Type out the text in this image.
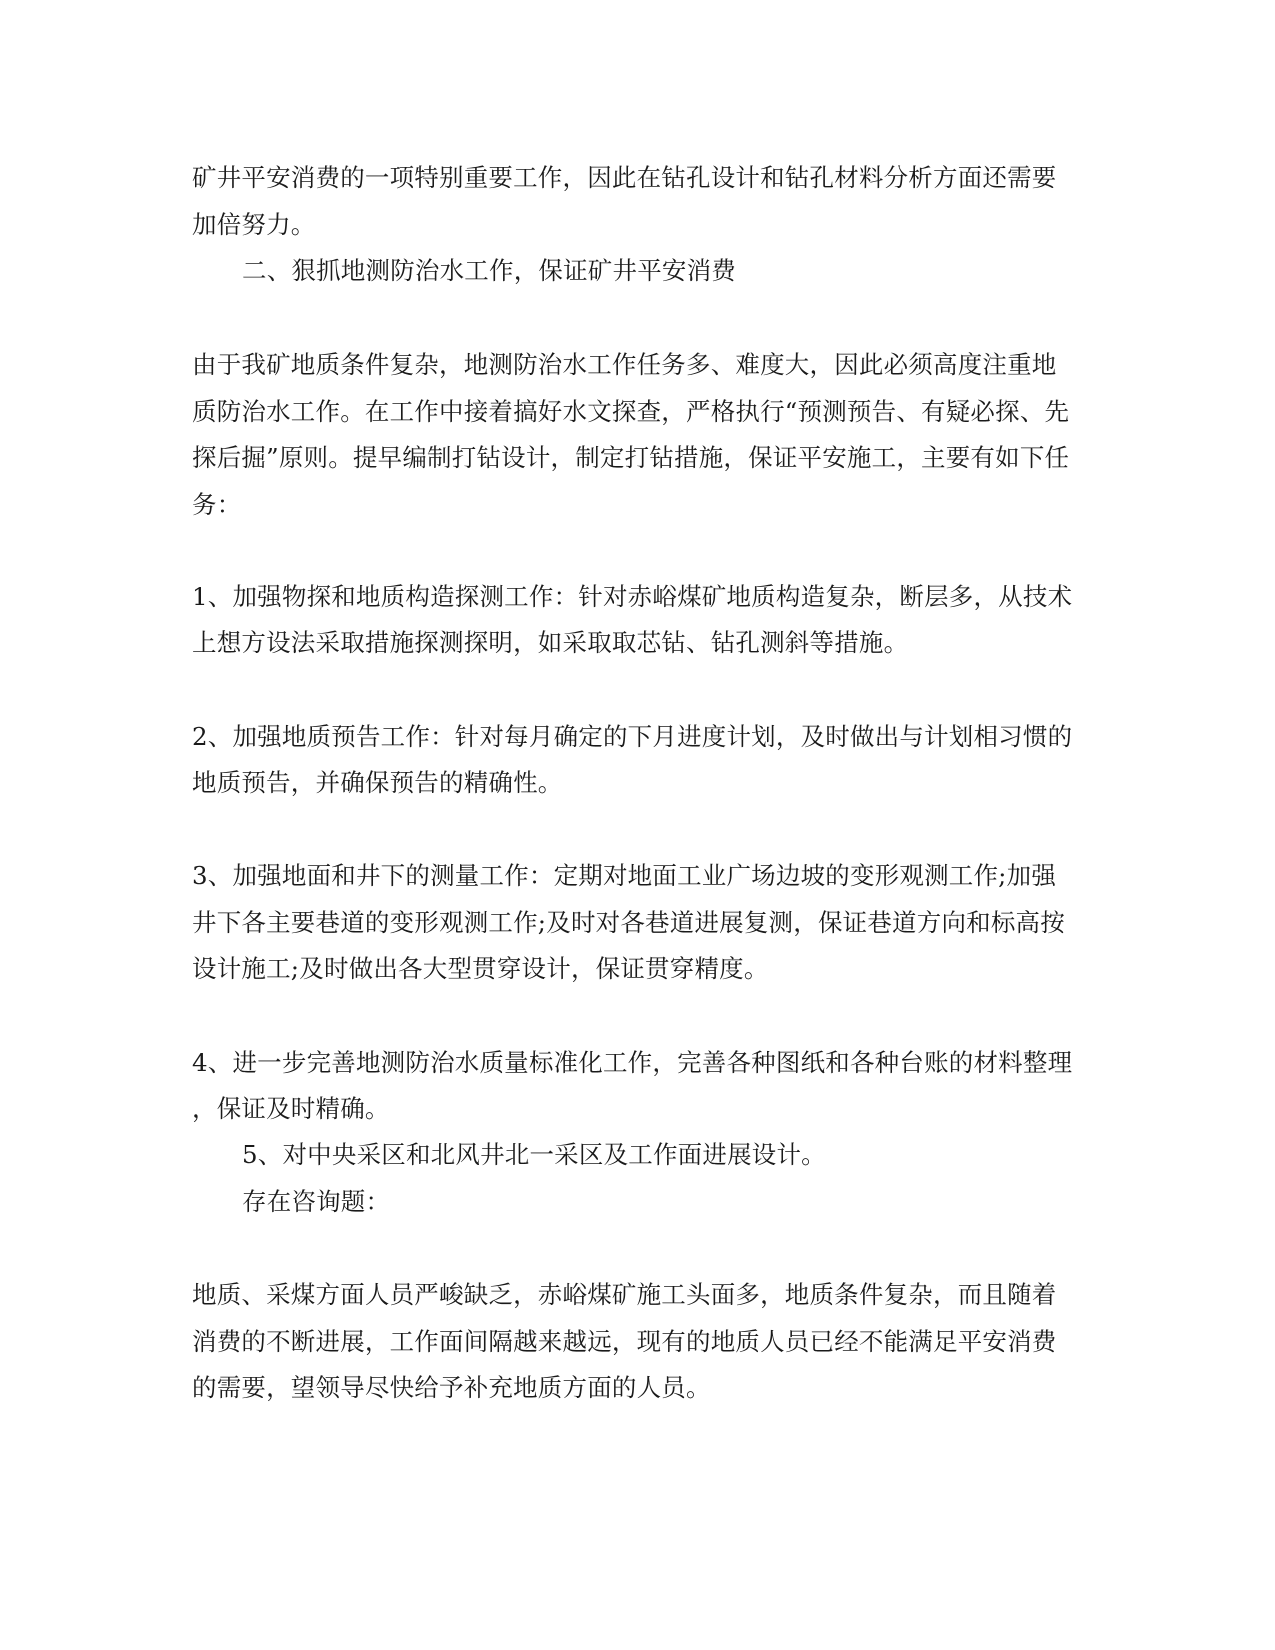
矿井平安消费的一项特别重要工作，因此在钻孔设计和钻孔材料分析方面还需要
加倍努力。
二、狠抓地测防治水工作，保证矿井平安消费
由于我矿地质条件复杂，地测防治水工作任务多、难度大，因此必须高度注重地
质防治水工作。在工作中接着搞好水文探查，严格执行“预测预告、有疑必探、先
探后掘”原则。提早编制打钻设计，制定打钻措施，保证平安施工，主要有如下任
务：
1、加强物探和地质构造探测工作：针对赤峪煤矿地质构造复杂，断层多，从技术
上想方设法采取措施探测探明，如采取取芯钻、钻孔测斜等措施。
2、加强地质预告工作：针对每月确定的下月进度计划，及时做出与计划相习惯的
地质预告，并确保预告的精确性。
3、加强地面和井下的测量工作：定期对地面工业广场边坡的变形观测工作;加强
井下各主要巷道的变形观测工作;及时对各巷道进展复测，保证巷道方向和标高按
设计施工;及时做出各大型贯穿设计，保证贯穿精度。
4、进一步完善地测防治水质量标准化工作，完善各种图纸和各种台账的材料整理
，保证及时精确。
5、对中央采区和北风井北一采区及工作面进展设计。
存在咨询题：
地质、采煤方面人员严峻缺乏，赤峪煤矿施工头面多，地质条件复杂，而且随着
消费的不断进展，工作面间隔越来越远，现有的地质人员已经不能满足平安消费
的需要，望领导尽快给予补充地质方面的人员。
